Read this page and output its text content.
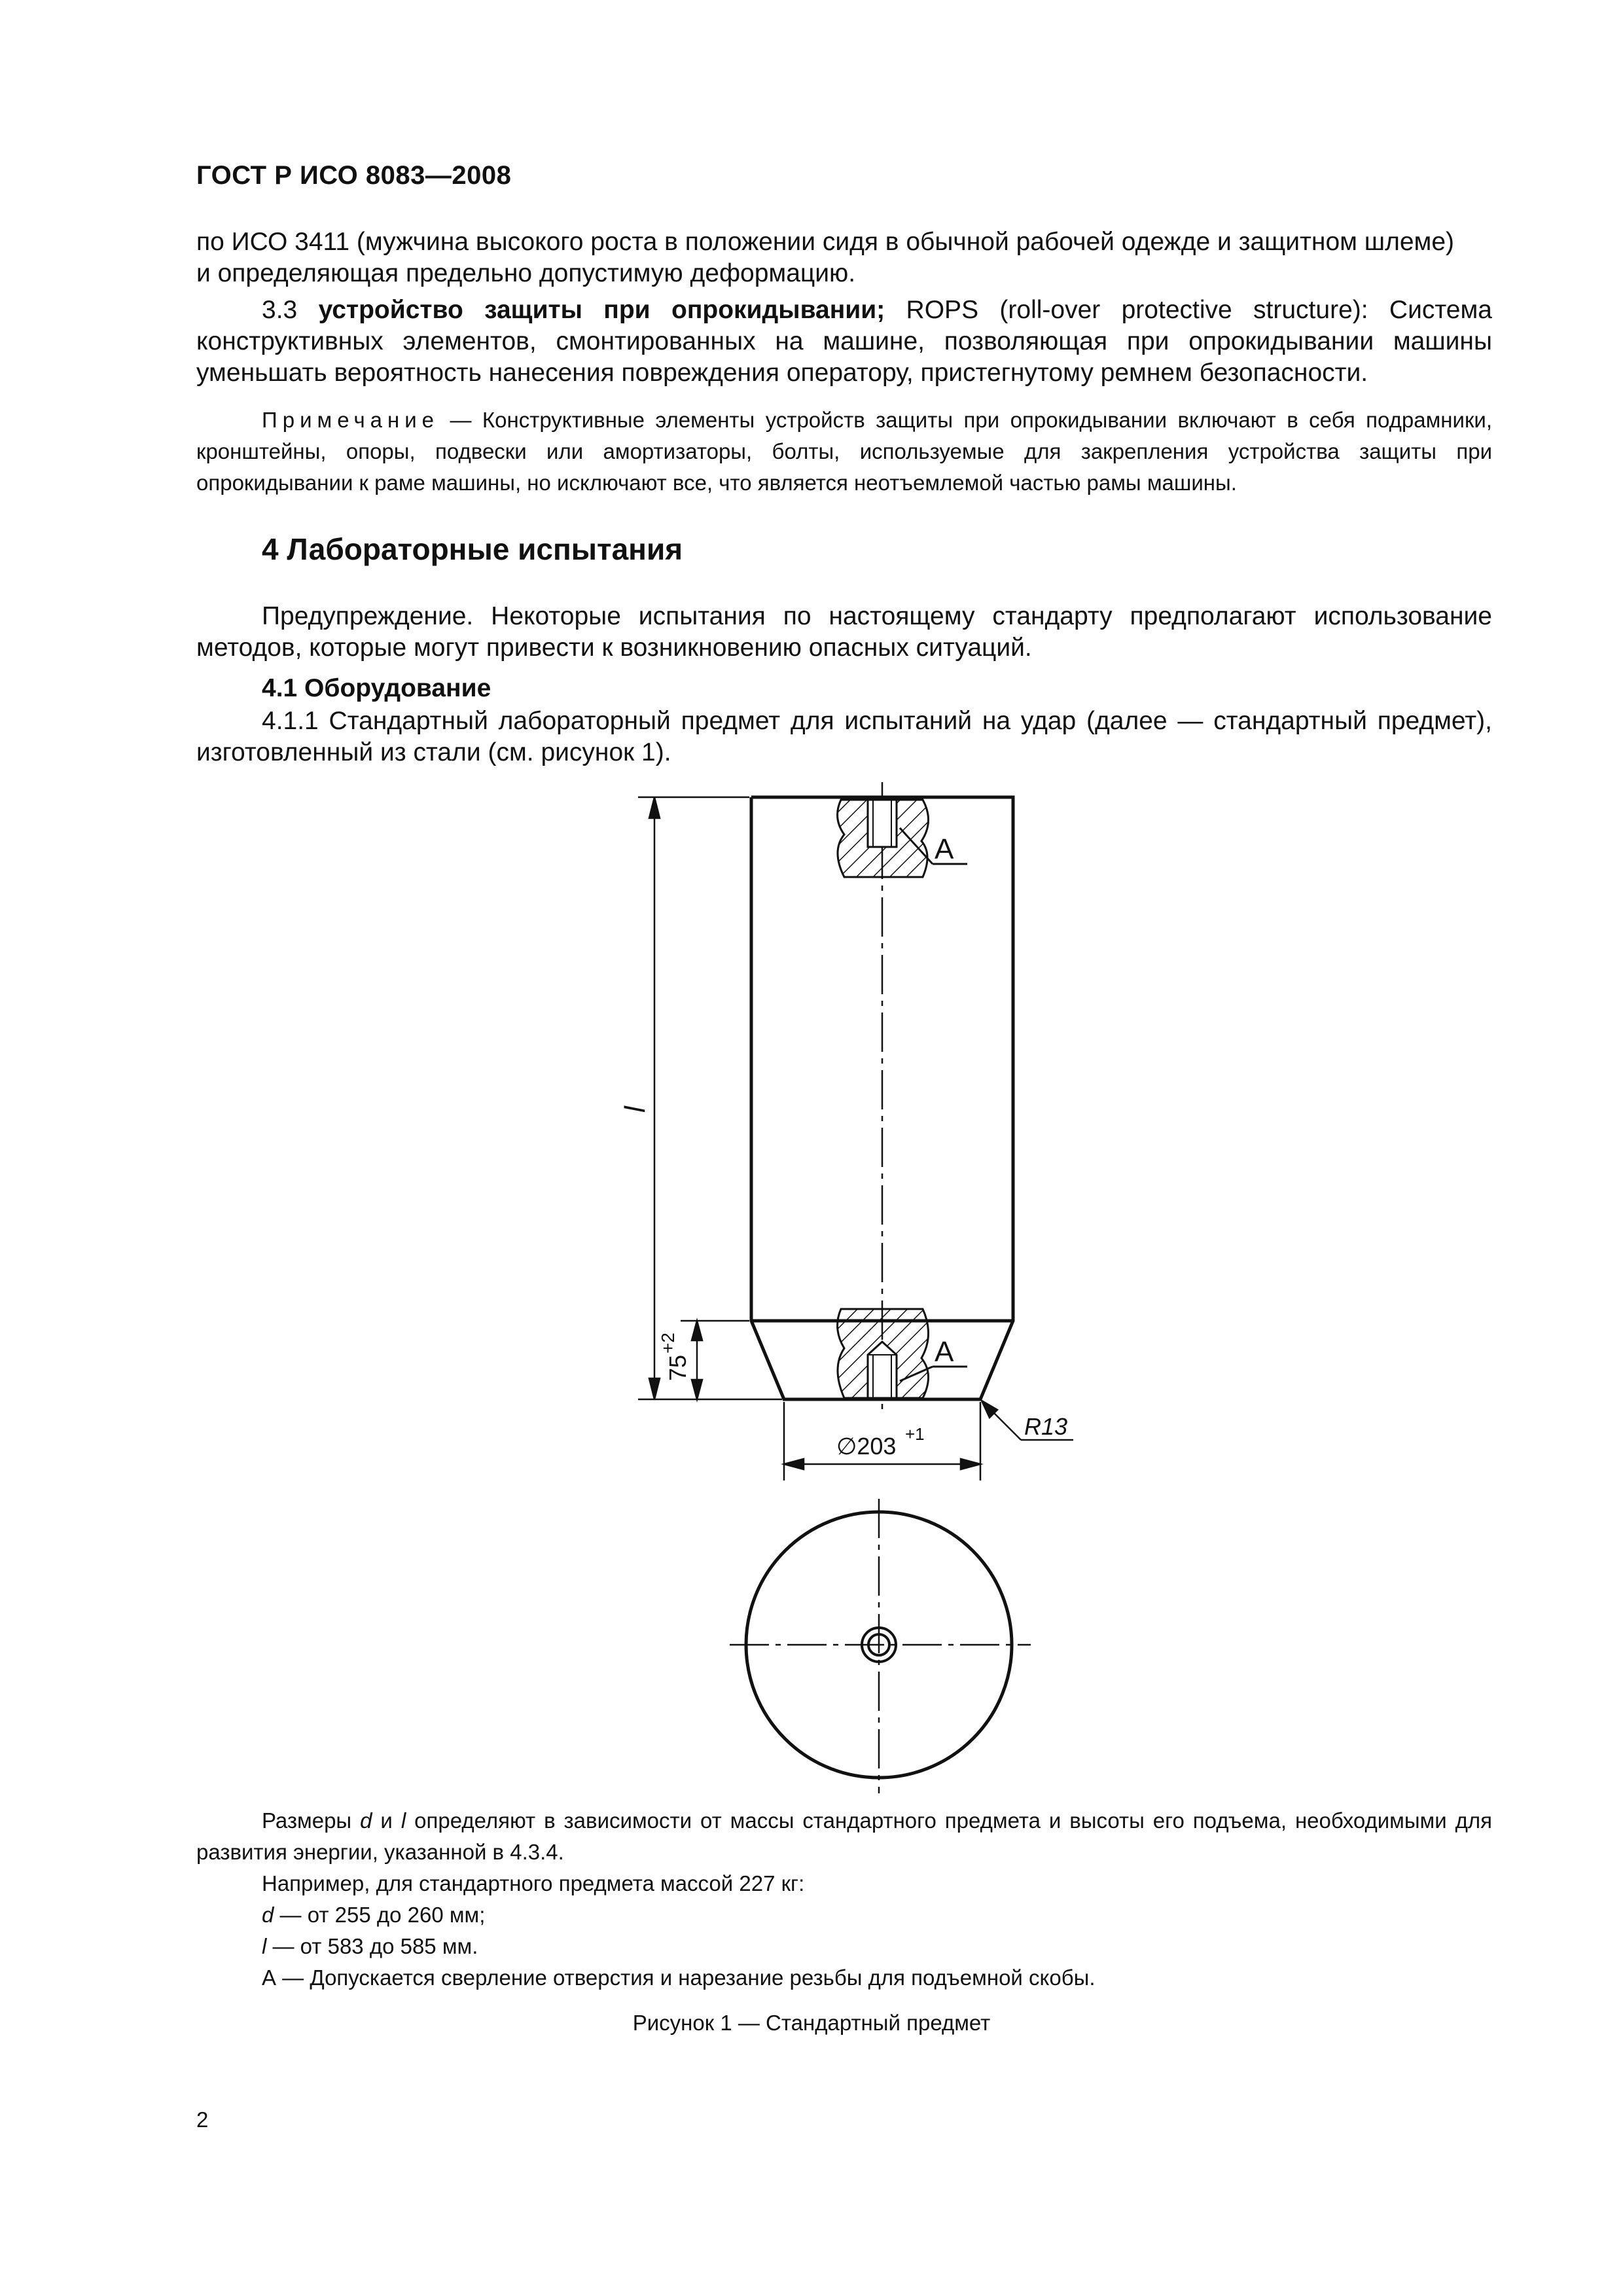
ГОСТ Р ИСО 8083—2008
по ИСО 3411 (мужчина высокого роста в положении сидя в обычной рабочей одежде и защитном шлеме)
и определяющая предельно допустимую деформацию.
3.3 устройство защиты при опрокидывании; ROPS (roll-over protective structure): Система конструктивных элементов, смонтированных на машине, позволяющая при опрокидывании машины уменьшать вероятность нанесения повреждения оператору, пристегнутому ремнем безопасности.
Примечание — Конструктивные элементы устройств защиты при опрокидывании включают в себя подрамники, кронштейны, опоры, подвески или амортизаторы, болты, используемые для закрепления устройства защиты при опрокидывании к раме машины, но исключают все, что является неотъемлемой частью рамы машины.
4 Лабораторные испытания
Предупреждение. Некоторые испытания по настоящему стандарту предполагают использование методов, которые могут привести к возникновению опасных ситуаций.
4.1 Оборудование
4.1.1 Стандартный лабораторный предмет для испытаний на удар (далее — стандартный предмет), изготовленный из стали (см. рисунок 1).
A
A
l
75
+2
∅203 +1	R13
Размеры d и l определяют в зависимости от массы стандартного предмета и высоты его подъема, необходимыми для развития энергии, указанной в 4.3.4.
Например, для стандартного предмета массой 227 кг:
d — от 255 до 260 мм;
l — от 583 до 585 мм.
А — Допускается сверление отверстия и нарезание резьбы для подъемной скобы.
Рисунок 1 — Стандартный предмет
2
